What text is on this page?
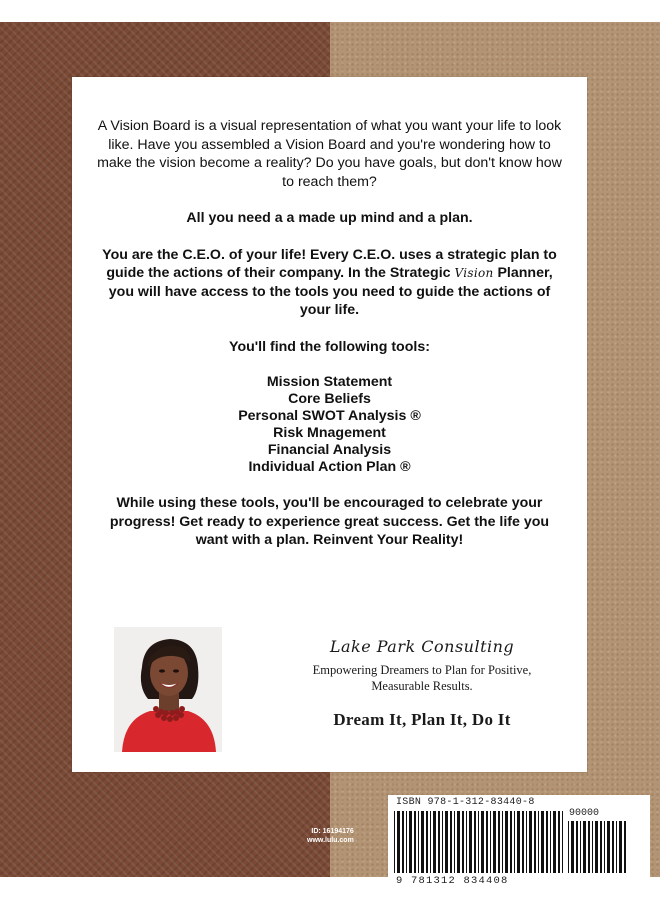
A Vision Board is a visual representation of what you want your life to look like. Have you assembled a Vision Board and you're wondering how to make the vision become a reality? Do you have goals, but don't know how to reach them?

All you need a a made up mind and a plan.

You are the C.E.O. of your life! Every C.E.O. uses a strategic plan to guide the actions of their company. In the Strategic Vision Planner, you will have access to the tools you need to guide the actions of your life.

You'll find the following tools:

Mission Statement
Core Beliefs
Personal SWOT Analysis ®
Risk Mnagement
Financial Analysis
Individual Action Plan ®

While using these tools, you'll be encouraged to celebrate your progress! Get ready to experience great success. Get the life you want with a plan. Reinvent Your Reality!

Lake Park Consulting
Empowering Dreamers to Plan for Positive,
Measurable Results.
Dream It, Plan It, Do It
ID: 16194176
www.lulu.com
ISBN 978-1-312-83440-8
90000
9 781312 834408
